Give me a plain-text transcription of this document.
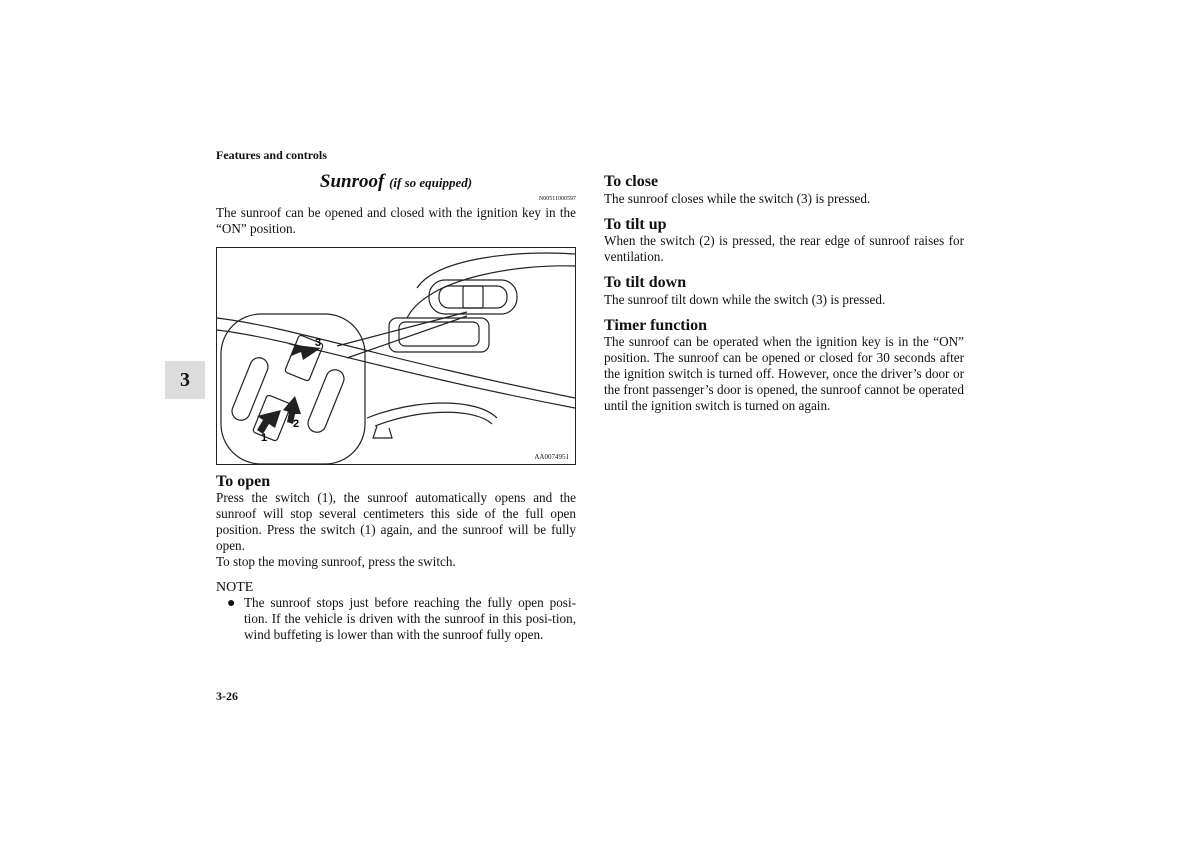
Features and controls
Sunroof (if so equipped)
N00511000597
The sunroof can be opened and closed with the ignition key in the “ON” position.
3
2
1
AA0074951
To open
Press the switch (1), the sunroof automatically opens and the sunroof will stop several centimeters this side of the full open position. Press the switch (1) again, and the sunroof will be fully open.
To stop the moving sunroof, press the switch.
NOTE
● The sunroof stops just before reaching the fully open posi-tion. If the vehicle is driven with the sunroof in this posi-tion, wind buffeting is lower than with the sunroof fully open.
3-26
3
To close
The sunroof closes while the switch (3) is pressed.
To tilt up
When the switch (2) is pressed, the rear edge of sunroof raises for ventilation.
To tilt down
The sunroof tilt down while the switch (3) is pressed.
Timer function
The sunroof can be operated when the ignition key is in the “ON” position. The sunroof can be opened or closed for 30 seconds after the ignition switch is turned off. However, once the driver’s door or the front passenger’s door is opened, the sunroof cannot be operated until the ignition switch is turned on again.
